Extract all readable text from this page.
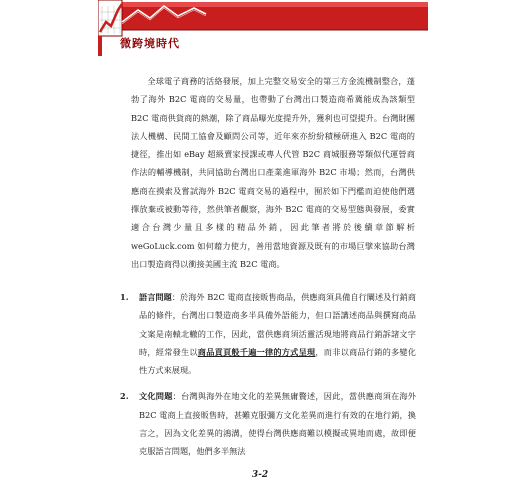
微跨境時代

全球電子商務的活絡發展，加上完整交易安全的第三方金流機制整合，蓬勃了海外 B2C 電商的交易量，也帶動了台灣出口製造商希冀能成為該類型 B2C 電商供貨商的熱潮，除了商品曝光度提升外，獲利也可望提升。台灣財團法人機構、民間工協會及顧問公司等，近年來亦紛紛積極研進入 B2C 電商的捷徑，推出如 eBay 超級賣家授課或專人代管 B2C 商城服務等類似代運營商作法的輔導機制，共同協助台灣出口產業進軍海外 B2C 市場；然而，台灣供應商在摸索及嘗試海外 B2C 電商交易的過程中，囿於如下門檻而迫使他們選擇放棄或被動等待，然供筆者觀察，海外 B2C 電商的交易型態與發展，委實適合台灣少量且多樣的精品外銷，因此筆者將於後續章節解析 weGoLuck.com 如何藉力使力，善用當地資源及既有的市場巨擘來協助台灣出口製造商得以衝接美國主流 B2C 電商。

1. 語言問題：於海外 B2C 電商直接販售商品，供應商須具備自行闡述及行銷商品的條件，台灣出口製造商多半具備外語能力，但口語講述商品與撰寫商品文案是南轅北轍的工作，因此，當供應商須活靈活現地將商品行銷訴諸文字時，經常發生以商品貢頁般千遍一律的方式呈現，而非以商品行銷的多變化性方式來展現。
2. 文化問題：台灣與海外在地文化的差異無庸贅述，因此，當供應商須在海外 B2C 電商上直接販售時，甚難克服彌方文化差異而進行有效的在地行銷，換言之，因為文化差異的鴻溝，使得台灣供應商難以模擬或異地而處，故即便克服語言問題，他們多半無法
3-2
